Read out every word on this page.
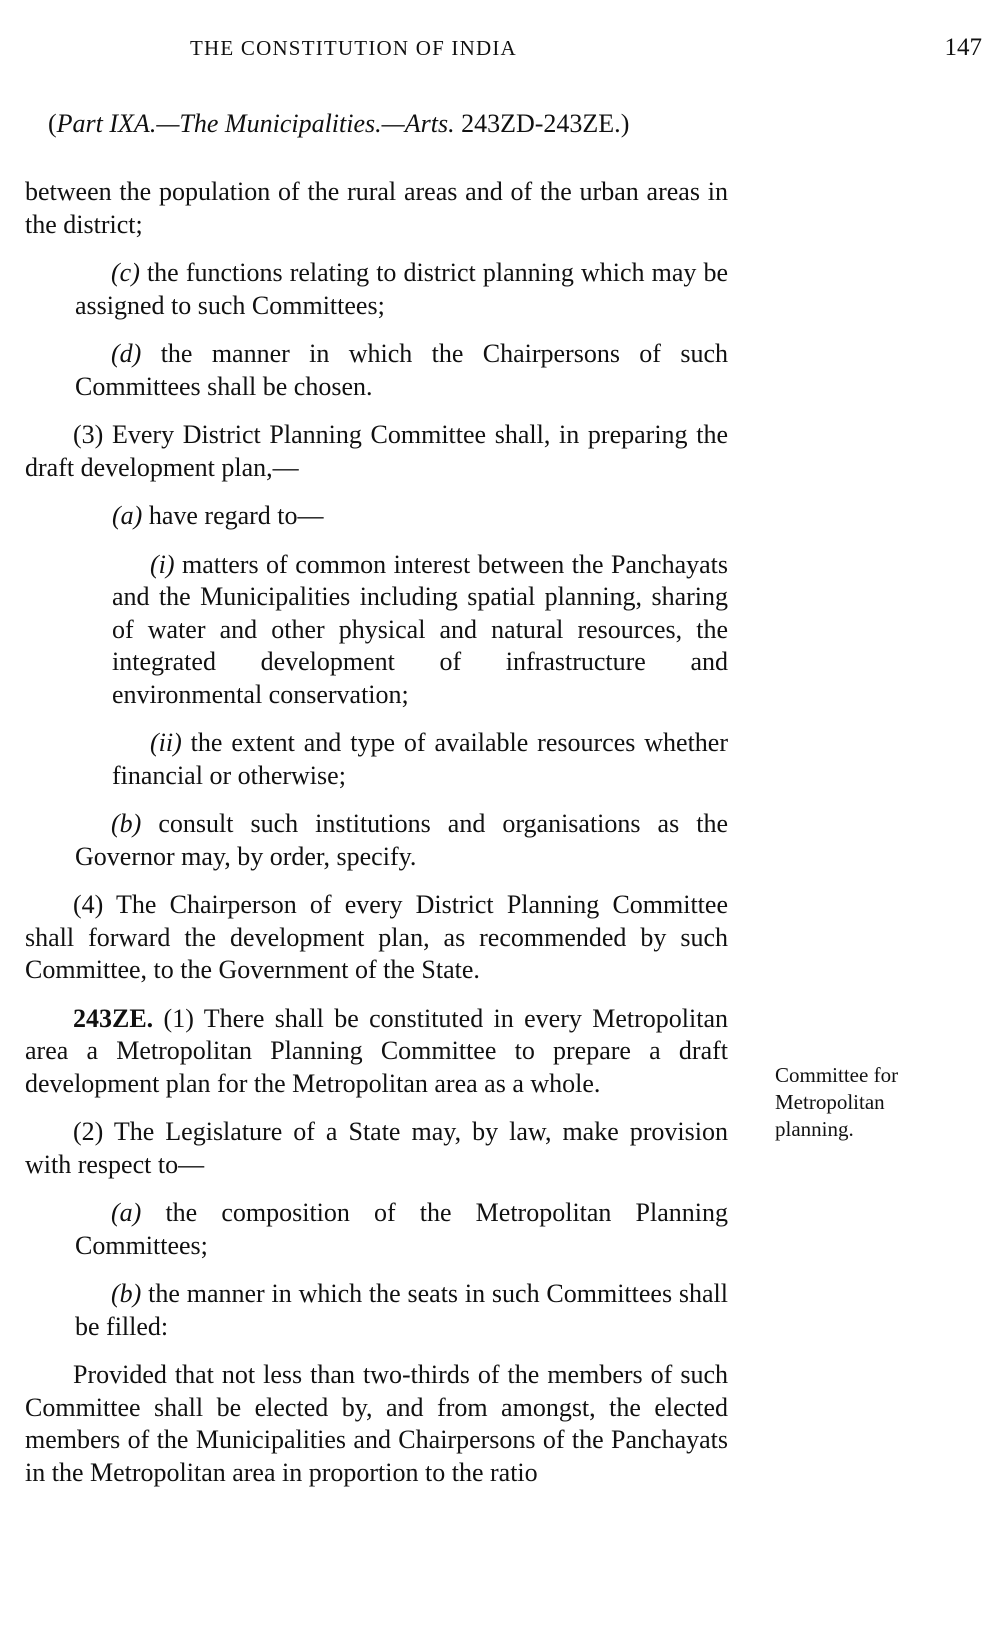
THE CONSTITUTION OF INDIA	147
(Part IXA.—The Municipalities.—Arts. 243ZD-243ZE.)

between the population of the rural areas and of the urban areas in the district;

(c) the functions relating to district planning which may be assigned to such Committees;

(d) the manner in which the Chairpersons of such Committees shall be chosen.

(3) Every District Planning Committee shall, in preparing the draft development plan,—

(a) have regard to—

(i) matters of common interest between the Panchayats and the Municipalities including spatial planning, sharing of water and other physical and natural resources, the integrated development of infrastructure and environmental conservation;

(ii) the extent and type of available resources whether financial or otherwise;

(b) consult such institutions and organisations as the Governor may, by order, specify.

(4) The Chairperson of every District Planning Committee shall forward the development plan, as recommended by such Committee, to the Government of the State.

243ZE. (1) There shall be constituted in every Metropolitan area a Metropolitan Planning Committee to prepare a draft development plan for the Metropolitan area as a whole.

(2) The Legislature of a State may, by law, make provision with respect to—

(a) the composition of the Metropolitan Planning Committees;

(b) the manner in which the seats in such Committees shall be filled:

Provided that not less than two-thirds of the members of such Committee shall be elected by, and from amongst, the elected members of the Municipalities and Chairpersons of the Panchayats in the Metropolitan area in proportion to the ratio

Committee for Metropolitan planning.
